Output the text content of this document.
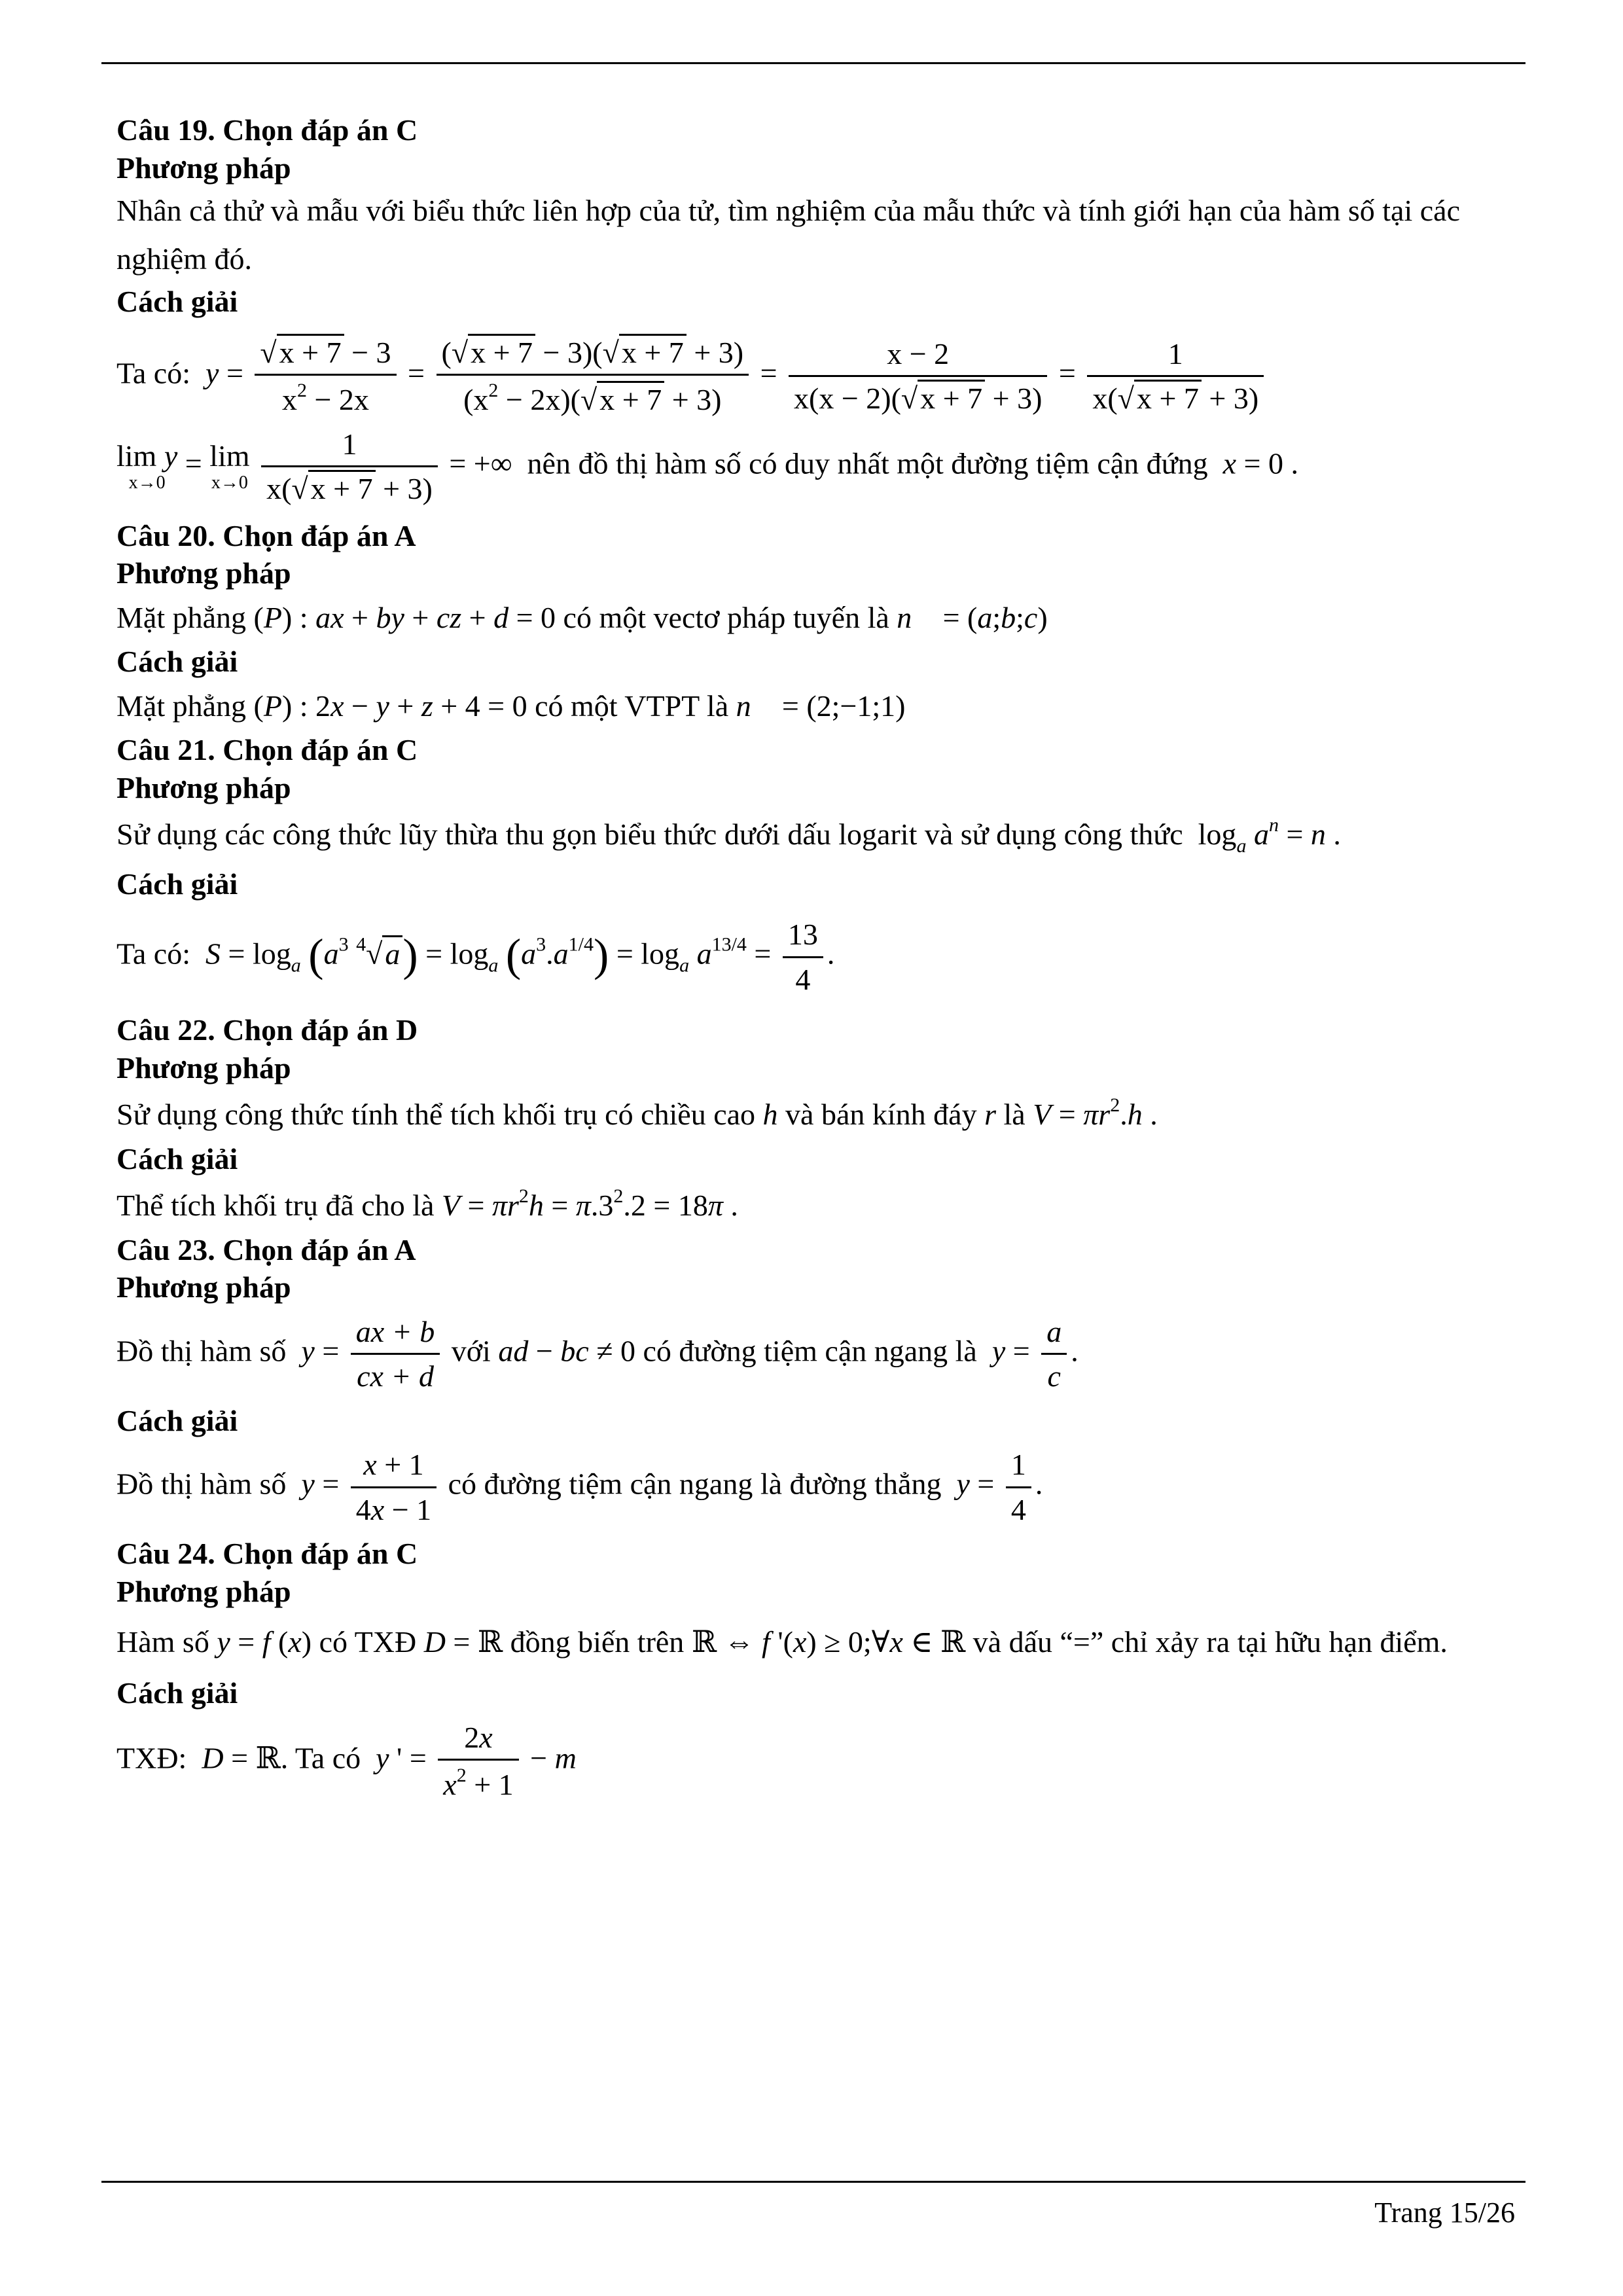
Câu 19. Chọn đáp án C

Phương pháp

Nhân cả thử và mẫu với biểu thức liên hợp của tử, tìm nghiệm của mẫu thức và tính giới hạn của hàm số tại các nghiệm đó.

Cách giải

Ta có:  $y = \frac{√x + 7 - 3}{x^2 - 2x} = \frac{(√x + 7 - 3)(√x + 7 + 3)}{(x^2 - 2x)(√x + 7 + 3)} = \frac{x - 2}{x(x - 2)(√x + 7 + 3)} = \frac{1}{x(√x + 7 + 3)}$
lim y
x→0
= lim
x→0
$\frac{1}{x(√x + 7 + 3)}$ = +∞  nên đồ thị hàm số có duy nhất một đường tiệm cận đứng  x = 0 .

Câu 20. Chọn đáp án A

Phương pháp

Mặt phẳng (P) : ax + by + cz + d = 0 có một vectơ pháp tuyến là n⃗ = (a;b;c)

Cách giải

Mặt phẳng (P) : 2x − y + z + 4 = 0 có một VTPT là n⃗ = (2;−1;1)

Câu 21. Chọn đáp án C

Phương pháp

Sử dụng các công thức lũy thừa thu gọn biểu thức dưới dấu logarit và sử dụng công thức  $\log_a a^n = n$ .

Cách giải

Ta có:  $S = \log_a (a^3$ $^4√a) = \log_a (a^3.a^{1/4}) = \log_a a^{13/4} = \frac{13}{4}$ .

Câu 22. Chọn đáp án D

Phương pháp

Sử dụng công thức tính thể tích khối trụ có chiều cao h và bán kính đáy r là $V = \pi r^2.h$ .

Cách giải

Thể tích khối trụ đã cho là $V = \pi r^2h = \pi.3^2.2 = 18\pi$ .

Câu 23. Chọn đáp án A

Phương pháp

Đồ thị hàm số  $y = \frac{ax + b}{cx + d}$ với ad − bc ≠ 0 có đường tiệm cận ngang là  $y = \frac{a}{c}$ .

Cách giải

Đồ thị hàm số  $y = \frac{x + 1}{4x - 1}$ có đường tiệm cận ngang là đường thẳng  $y = \frac{1}{4}$ .

Câu 24. Chọn đáp án C

Phương pháp

Hàm số y = f (x) có TXĐ D = ℝ đồng biến trên ℝ ⇔ f '(x) ≥ 0;∀x ∈ ℝ và dấu “=” chỉ xảy ra tại hữu hạn điểm.

Cách giải

TXĐ:  D = ℝ. Ta có  y ' = $\frac{2x}{x^2 + 1} - m$
Trang 15/26
